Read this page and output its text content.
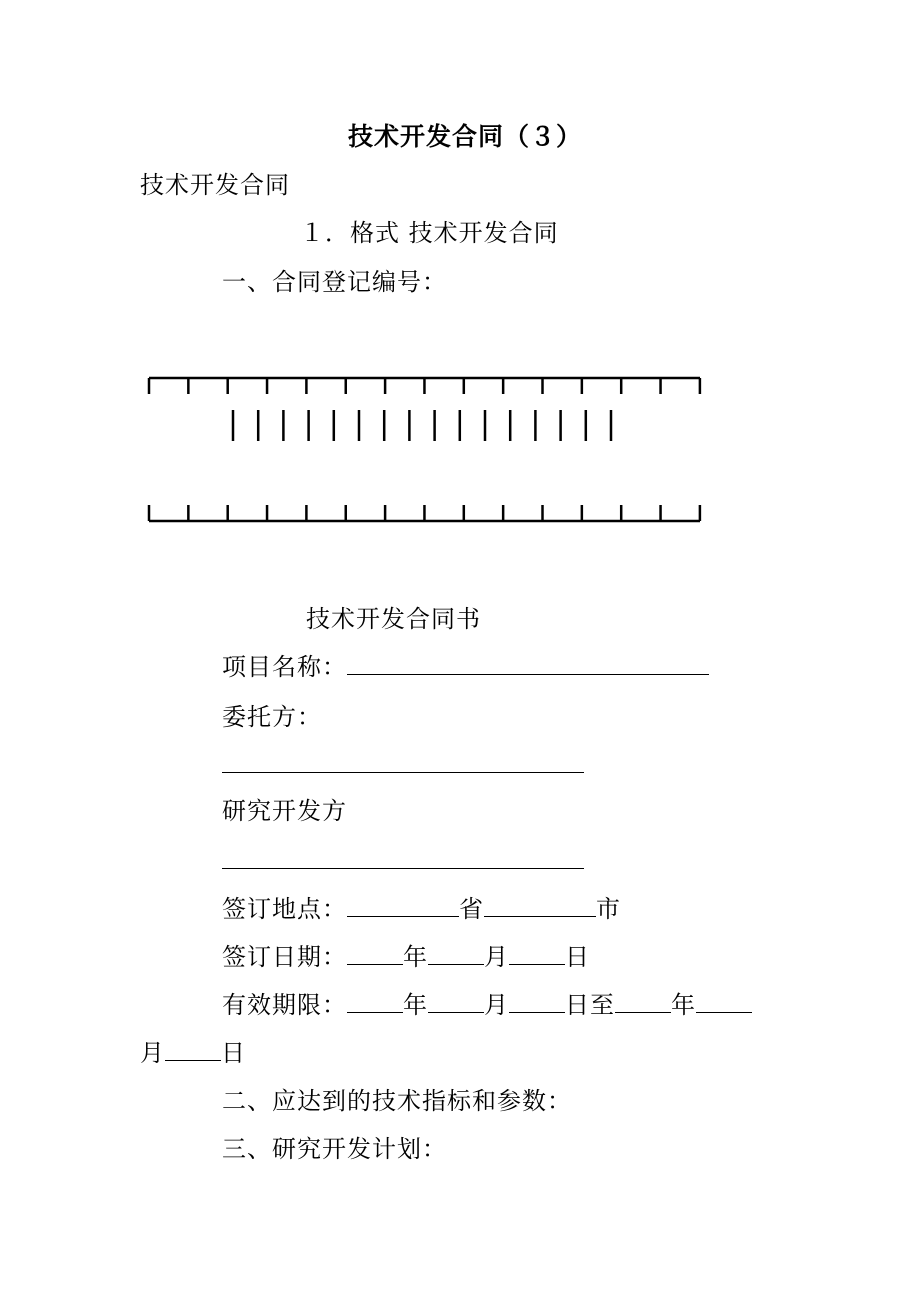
技术开发合同（３）
技术开发合同
１．格式 技术开发合同
一、合同登记编号：
技术开发合同书
项目名称：
委托方：
研究开发方
签订地点：	省	市
签订日期： 年 月 日
有效期限： 年 月 日至 年
月 日
二、应达到的技术指标和参数：
三、研究开发计划：
